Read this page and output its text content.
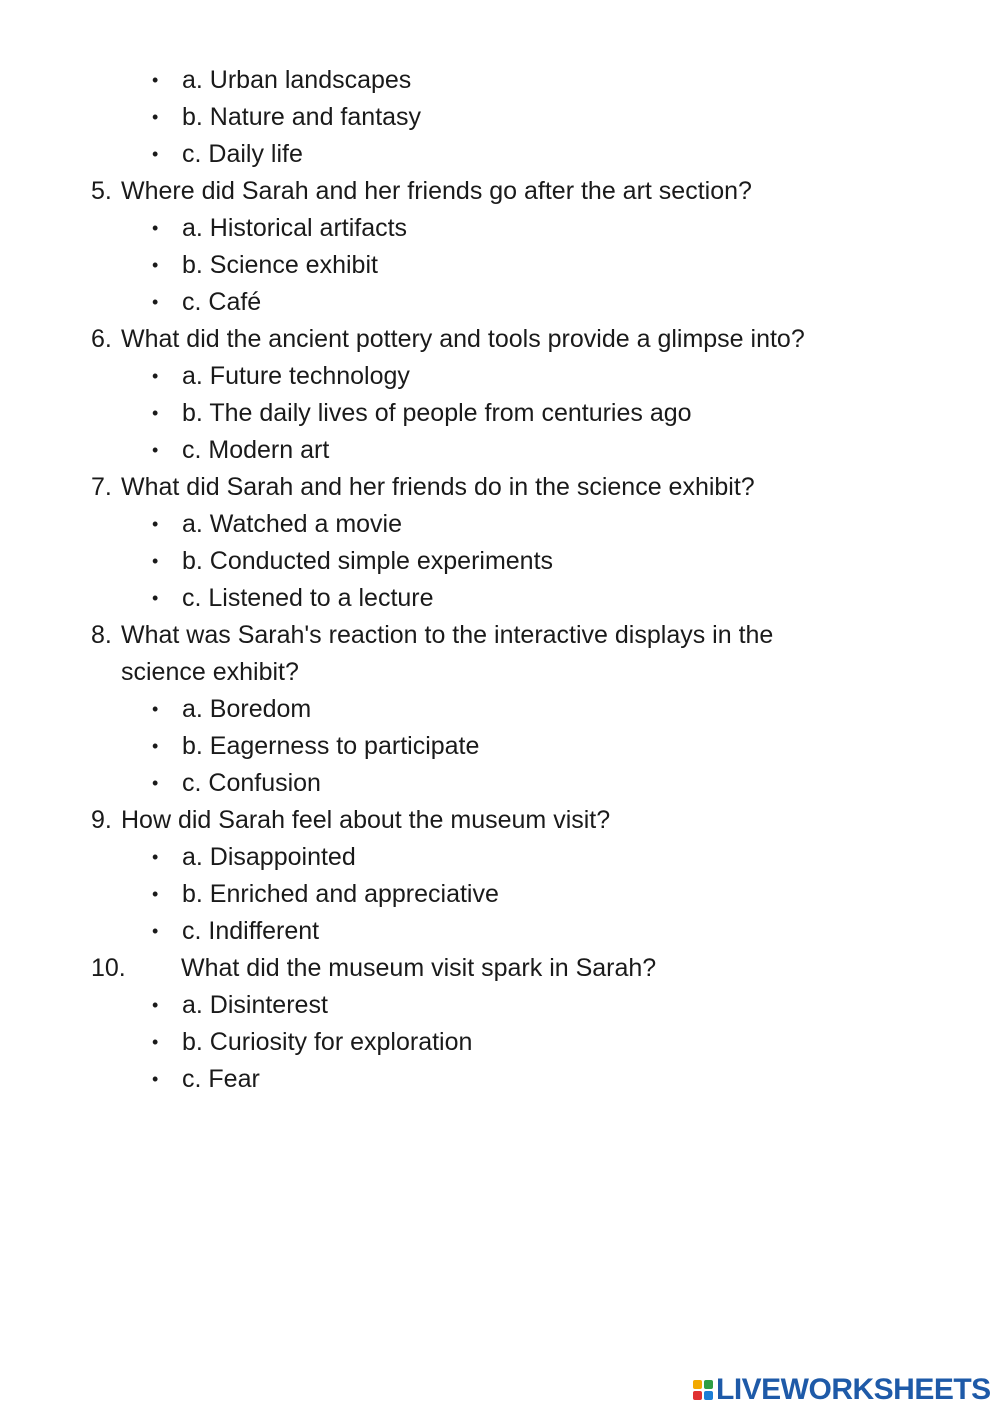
• a. Urban landscapes
• b. Nature and fantasy
• c. Daily life
5. Where did Sarah and her friends go after the art section?
• a. Historical artifacts
• b. Science exhibit
• c. Café
6. What did the ancient pottery and tools provide a glimpse into?
• a. Future technology
• b. The daily lives of people from centuries ago
• c. Modern art
7. What did Sarah and her friends do in the science exhibit?
• a. Watched a movie
• b. Conducted simple experiments
• c. Listened to a lecture
8. What was Sarah's reaction to the interactive displays in the
science exhibit?
• a. Boredom
• b. Eagerness to participate
• c. Confusion
9. How did Sarah feel about the museum visit?
• a. Disappointed
• b. Enriched and appreciative
• c. Indifferent
10. What did the museum visit spark in Sarah?
• a. Disinterest
• b. Curiosity for exploration
• c. Fear
LIVEWORKSHEETS
